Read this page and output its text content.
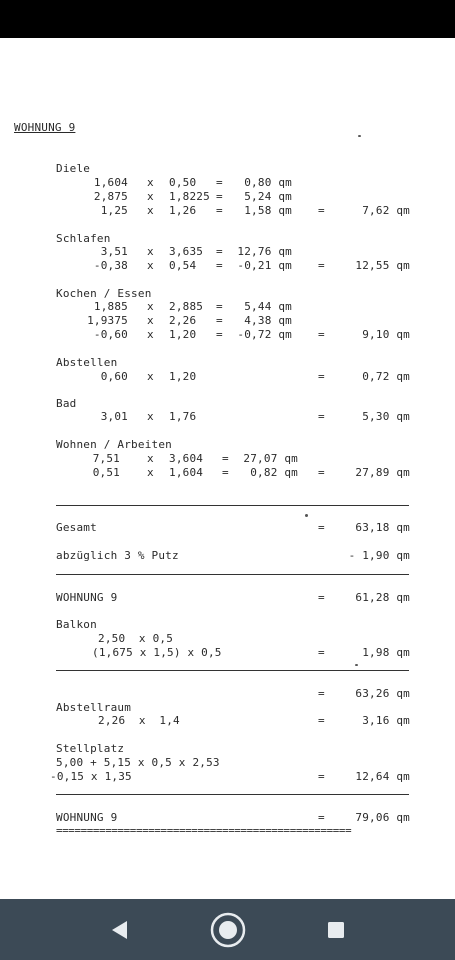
WOHNUNG 9
Diele
1,604 x 0,50 =	0,80 qm
2,875 x 1,8225 =	5,24 qm
1,25 x 1,26 =	1,58 qm =	7,62 qm
Schlafen
3,51 x 3,635 =	12,76 qm
-0,38 x 0,54 =	-0,21 qm =	12,55 qm
Kochen / Essen
1,885 x 2,885 =	5,44 qm
1,9375 x 2,26 =	4,38 qm
-0,60 x 1,20 =	-0,72 qm =	9,10 qm
Abstellen
0,60 x 1,20	=	0,72 qm
Bad
3,01 x 1,76	=	5,30 qm
Wohnen / Arbeiten
7,51 x 3,604 =	27,07 qm
0,51 x 1,604 =	0,82 qm =	27,89 qm
Gesamt	=	63,18 qm
abzüglich 3 % Putz	- 1,90 qm
WOHNUNG 9	=	61,28 qm
Balkon
2,50  x 0,5
(1,675 x 1,5) x 0,5	=	1,98 qm
=	63,26 qm
Abstellraum
2,26  x  1,4	=	3,16 qm
Stellplatz
5,00 + 5,15 x 0,5 x 2,53
-0,15 x 1,35	=	12,64 qm
WOHNUNG 9	=	79,06 qm
================================================
